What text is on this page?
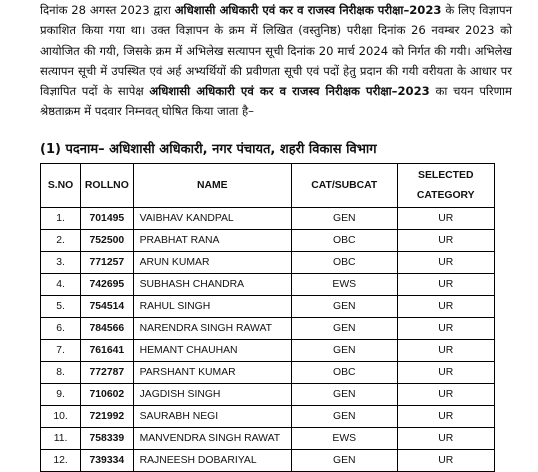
दिनांक 28 अगस्त 2023 द्वारा अधिशासी अधिकारी एवं कर व राजस्व निरीक्षक परीक्षा–2023 के लिए विज्ञापन प्रकाशित किया गया था। उक्त विज्ञापन के क्रम में लिखित (वस्तुनिष्ठ) परीक्षा दिनांक 26 नवम्बर 2023 को आयोजित की गयी, जिसके क्रम में अभिलेख सत्यापन सूची दिनांक 20 मार्च 2024 को निर्गत की गयी। अभिलेख सत्यापन सूची में उपस्थित एवं अर्ह अभ्यर्थियों की प्रवीणता सूची एवं पदों हेतु प्रदान की गयी वरीयता के आधार पर विज्ञापित पदों के सापेक्ष अधिशासी अधिकारी एवं कर व राजस्व निरीक्षक परीक्षा–2023 का चयन परिणाम श्रेष्ठताक्रम में पदवार निम्नवत् घोषित किया जाता है–
(1) पदनाम– अधिशासी अधिकारी, नगर पंचायत, शहरी विकास विभाग
S.NO	ROLLNO	NAME	CAT/SUBCAT	SELECTED
CATEGORY
1.	701495	VAIBHAV KANDPAL	GEN	UR
2.	752500	PRABHAT RANA	OBC	UR
3.	771257	ARUN KUMAR	OBC	UR
4.	742695	SUBHASH CHANDRA	EWS	UR
5.	754514	RAHUL SINGH	GEN	UR
6.	784566	NARENDRA SINGH RAWAT	GEN	UR
7.	761641	HEMANT CHAUHAN	GEN	UR
8.	772787	PARSHANT KUMAR	OBC	UR
9.	710602	JAGDISH SINGH	GEN	UR
10.	721992	SAURABH NEGI	GEN	UR
11.	758339	MANVENDRA SINGH RAWAT	EWS	UR
12.	739334	RAJNEESH DOBARIYAL	GEN	UR
